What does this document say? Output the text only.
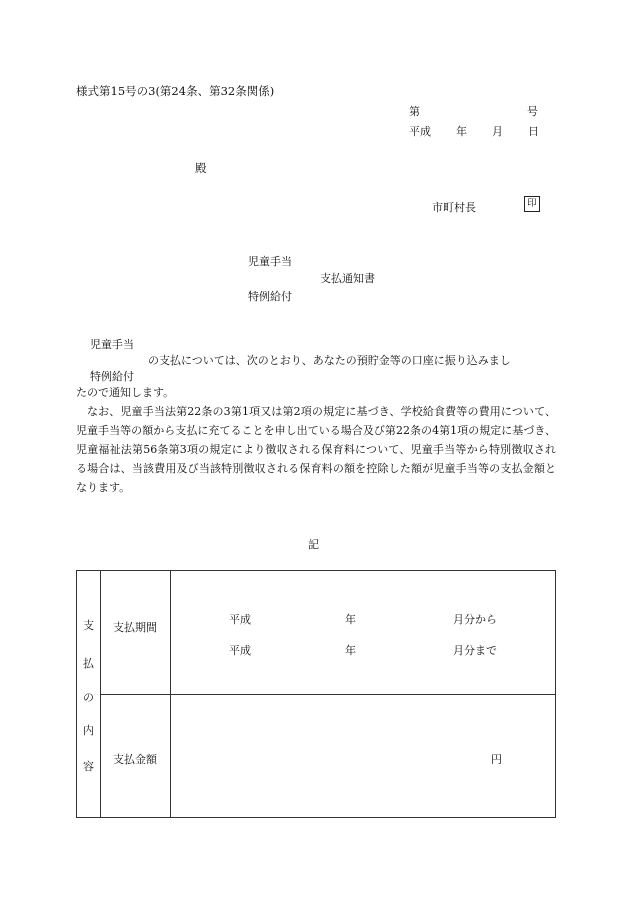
様式第15号の3(第24条、第32条関係)
第	号
平成 年 月 日
殿
市町村長	印
児童手当
支払通知書
特例給付
児童手当
の支払については、次のとおり、あなたの預貯金等の口座に振り込みまし
特例給付
たので通知します。
なお、児童手当法第22条の3第1項又は第2項の規定に基づき、学校給食費等の費用について、児童手当等の額から支払に充てることを申し出ている場合及び第22条の4第1項の規定に基づき、児童福祉法第56条第3項の規定により徴収される保育料について、児童手当等から特別徴収される場合は、当該費用及び当該特別徴収される保育料の額を控除した額が児童手当等の支払金額となります。
記
支
払
の
内
容
支払期間
平成	年	月分から
平成	年	月分まで
支払金額	円
